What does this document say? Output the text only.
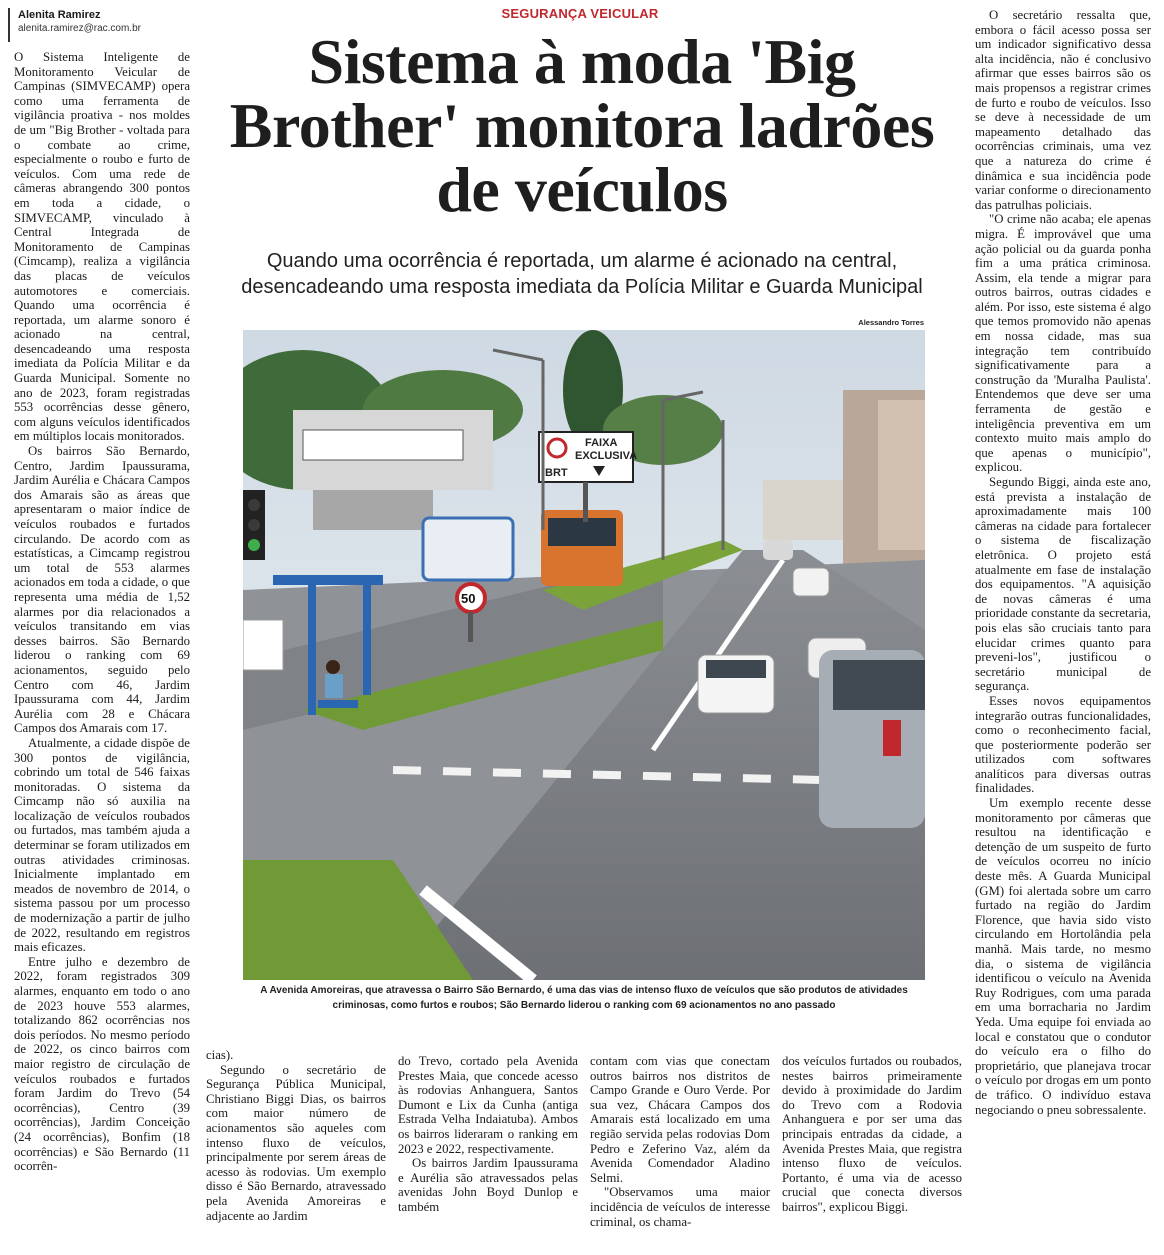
Alenita Ramirez
alenita.ramirez@rac.com.br
SEGURANÇA VEICULAR
Sistema à moda 'Big Brother' monitora ladrões de veículos
Quando uma ocorrência é reportada, um alarme é acionado na central, desencadeando uma resposta imediata da Polícia Militar e Guarda Municipal
Alessandro Torres
FAIXA
EXCLUSIVA
BRT
50
A Avenida Amoreiras, que atravessa o Bairro São Bernardo, é uma das vias de intenso fluxo de veículos que são produtos de atividades criminosas, como furtos e roubos; São Bernardo liderou o ranking com 69 acionamentos no ano passado

O Sistema Inteligente de Monitoramento Veicular de Campinas (SIMVECAMP) opera como uma ferramenta de vigilância proativa - nos moldes de um "Big Brother - voltada para o combate ao crime, especialmente o roubo e furto de veículos. Com uma rede de câmeras abrangendo 300 pontos em toda a cidade, o SIMVECAMP, vinculado à Central Integrada de Monitoramento de Campinas (Cimcamp), realiza a vigilância das placas de veículos automotores e comerciais. Quando uma ocorrência é reportada, um alarme sonoro é acionado na central, desencadeando uma resposta imediata da Polícia Militar e da Guarda Municipal. Somente no ano de 2023, foram registradas 553 ocorrências desse gênero, com alguns veículos identificados em múltiplos locais monitorados.

Os bairros São Bernardo, Centro, Jardim Ipaussurama, Jardim Aurélia e Chácara Campos dos Amarais são as áreas que apresentaram o maior índice de veículos roubados e furtados circulando. De acordo com as estatísticas, a Cimcamp registrou um total de 553 alarmes acionados em toda a cidade, o que representa uma média de 1,52 alarmes por dia relacionados a veículos transitando em vias desses bairros. São Bernardo liderou o ranking com 69 acionamentos, seguido pelo Centro com 46, Jardim Ipaussurama com 44, Jardim Aurélia com 28 e Chácara Campos dos Amarais com 17.

Atualmente, a cidade dispõe de 300 pontos de vigilância, cobrindo um total de 546 faixas monitoradas. O sistema da Cimcamp não só auxilia na localização de veículos roubados ou furtados, mas também ajuda a determinar se foram utilizados em outras atividades criminosas. Inicialmente implantado em meados de novembro de 2014, o sistema passou por um processo de modernização a partir de julho de 2022, resultando em registros mais eficazes.

Entre julho e dezembro de 2022, foram registrados 309 alarmes, enquanto em todo o ano de 2023 houve 553 alarmes, totalizando 862 ocorrências nos dois períodos. No mesmo período de 2022, os cinco bairros com maior registro de circulação de veículos roubados e furtados foram Jardim do Trevo (54 ocorrências), Centro (39 ocorrências), Jardim Conceição (24 ocorrências), Bonfim (18 ocorrências) e São Bernardo (11 ocorrên-

cias).

Segundo o secretário de Segurança Pública Municipal, Christiano Biggi Dias, os bairros com maior número de acionamentos são aqueles com intenso fluxo de veículos, principalmente por serem áreas de acesso às rodovias. Um exemplo disso é São Bernardo, atravessado pela Avenida Amoreiras e adjacente ao Jardim

do Trevo, cortado pela Avenida Prestes Maia, que concede acesso às rodovias Anhanguera, Santos Dumont e Lix da Cunha (antiga Estrada Velha Indaiatuba). Ambos os bairros lideraram o ranking em 2023 e 2022, respectivamente.

Os bairros Jardim Ipaussurama e Aurélia são atravessados pelas avenidas John Boyd Dunlop e também

contam com vias que conectam outros bairros nos distritos de Campo Grande e Ouro Verde. Por sua vez, Chácara Campos dos Amarais está localizado em uma região servida pelas rodovias Dom Pedro e Zeferino Vaz, além da Avenida Comendador Aladino Selmi.

"Observamos uma maior incidência de veículos de interesse criminal, os chama-

dos veículos furtados ou roubados, nestes bairros primeiramente devido à proximidade do Jardim do Trevo com a Rodovia Anhanguera e por ser uma das principais entradas da cidade, a Avenida Prestes Maia, que registra intenso fluxo de veículos. Portanto, é uma via de acesso crucial que conecta diversos bairros", explicou Biggi.

O secretário ressalta que, embora o fácil acesso possa ser um indicador significativo dessa alta incidência, não é conclusivo afirmar que esses bairros são os mais propensos a registrar crimes de furto e roubo de veículos. Isso se deve à necessidade de um mapeamento detalhado das ocorrências criminais, uma vez que a natureza do crime é dinâmica e sua incidência pode variar conforme o direcionamento das patrulhas policiais.

"O crime não acaba; ele apenas migra. É improvável que uma ação policial ou da guarda ponha fim a uma prática criminosa. Assim, ela tende a migrar para outros bairros, outras cidades e além. Por isso, este sistema é algo que temos promovido não apenas em nossa cidade, mas sua integração tem contribuído significativamente para a construção da 'Muralha Paulista'. Entendemos que deve ser uma ferramenta de gestão e inteligência preventiva em um contexto muito mais amplo do que apenas o município", explicou.

Segundo Biggi, ainda este ano, está prevista a instalação de aproximadamente mais 100 câmeras na cidade para fortalecer o sistema de fiscalização eletrônica. O projeto está atualmente em fase de instalação dos equipamentos. "A aquisição de novas câmeras é uma prioridade constante da secretaria, pois elas são cruciais tanto para elucidar crimes quanto para preveni-los", justificou o secretário municipal de segurança.

Esses novos equipamentos integrarão outras funcionalidades, como o reconhecimento facial, que posteriormente poderão ser utilizados com softwares analíticos para diversas outras finalidades.

Um exemplo recente desse monitoramento por câmeras que resultou na identificação e detenção de um suspeito de furto de veículos ocorreu no início deste mês. A Guarda Municipal (GM) foi alertada sobre um carro furtado na região do Jardim Florence, que havia sido visto circulando em Hortolândia pela manhã. Mais tarde, no mesmo dia, o sistema de vigilância identificou o veículo na Avenida Ruy Rodrigues, com uma parada em uma borracharia no Jardim Yeda. Uma equipe foi enviada ao local e constatou que o condutor do veículo era o filho do proprietário, que planejava trocar o veículo por drogas em um ponto de tráfico. O indivíduo estava negociando o pneu sobressalente.
